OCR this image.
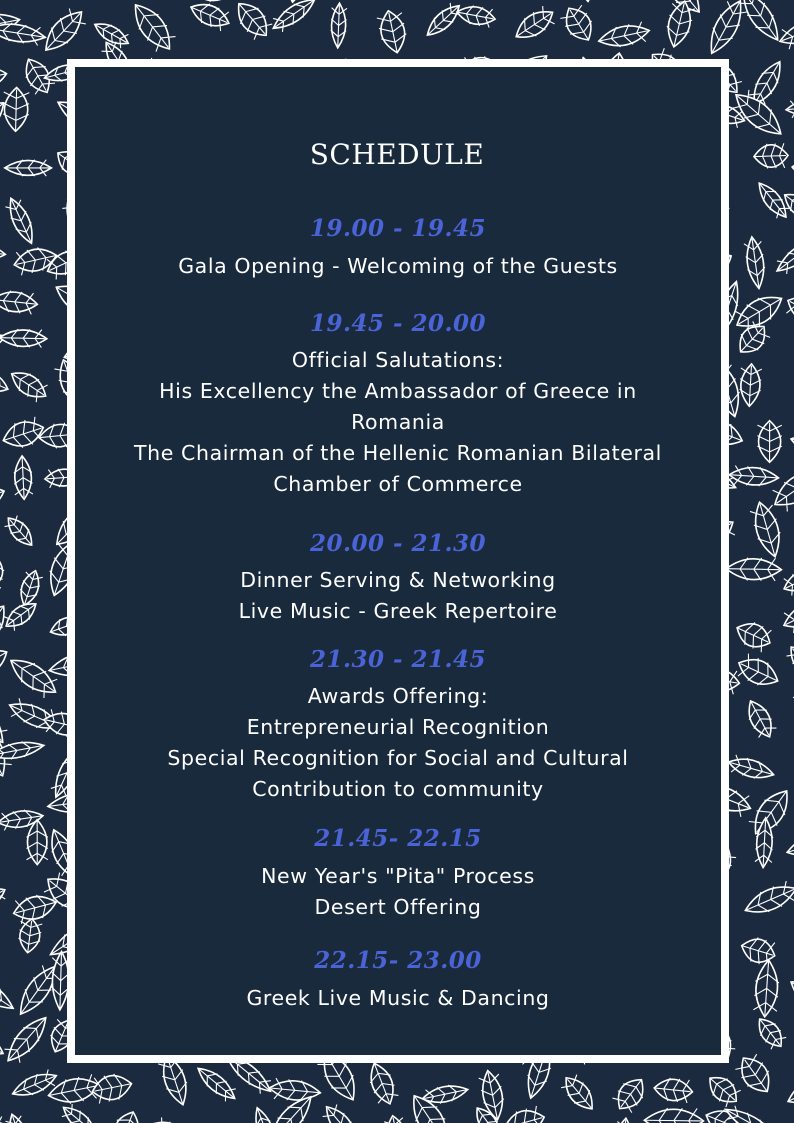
SCHEDULE
19.00 - 19.45
Gala Opening - Welcoming of the Guests
19.45 - 20.00
Official Salutations:
His Excellency the Ambassador of Greece in
Romania
The Chairman of the Hellenic Romanian Bilateral
Chamber of Commerce
20.00 - 21.30
Dinner Serving & Networking
Live Music - Greek Repertoire
21.30 - 21.45
Awards Offering:
Entrepreneurial Recognition
Special Recognition for Social and Cultural
Contribution to community
21.45- 22.15
New Year's "Pita" Process
Desert Offering
22.15- 23.00
Greek Live Music & Dancing
